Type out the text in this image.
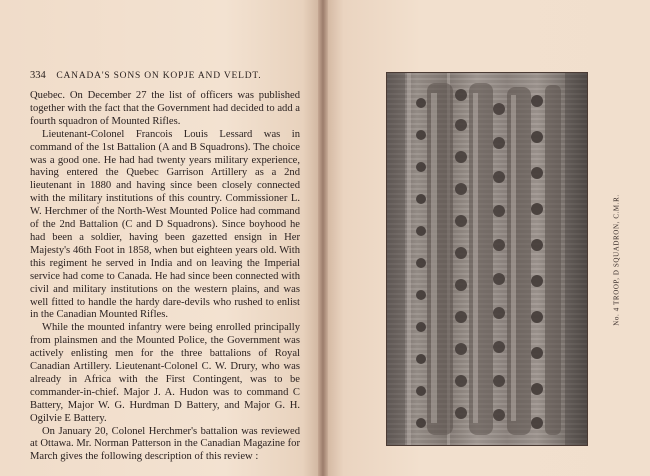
334 CANADA'S SONS ON KOPJE AND VELDT.

Quebec. On December 27 the list of officers was published together with the fact that the Government had decided to add a fourth squadron of Mounted Rifles.

Lieutenant-Colonel Francois Louis Lessard was in command of the 1st Battalion (A and B Squadrons). The choice was a good one. He had had twenty years military experience, having entered the Quebec Garrison Artillery as a 2nd lieutenant in 1880 and having since been closely connected with the military institutions of this country. Commissioner L. W. Herchmer of the North-West Mounted Police had command of the 2nd Battalion (C and D Squadrons). Since boyhood he had been a soldier, having been gazetted ensign in Her Majesty's 46th Foot in 1858, when but eighteen years old. With this regiment he served in India and on leaving the Imperial service had come to Canada. He had since been connected with civil and military institutions on the western plains, and was well fitted to handle the hardy dare-devils who rushed to enlist in the Canadian Mounted Rifles.

While the mounted infantry were being enrolled principally from plainsmen and the Mounted Police, the Government was actively enlisting men for the three battalions of Royal Canadian Artillery. Lieutenant-Colonel C. W. Drury, who was already in Africa with the First Contingent, was to be commander-in-chief. Major J. A. Hudon was to command C Battery, Major W. G. Hurdman D Battery, and Major G. H. Ogilvie E Battery.

On January 20, Colonel Herchmer's battalion was reviewed at Ottawa. Mr. Norman Patterson in the Canadian Magazine for March gives the following description of this review :

No. 4 TROOP, D SQUADRON, C.M.R.
